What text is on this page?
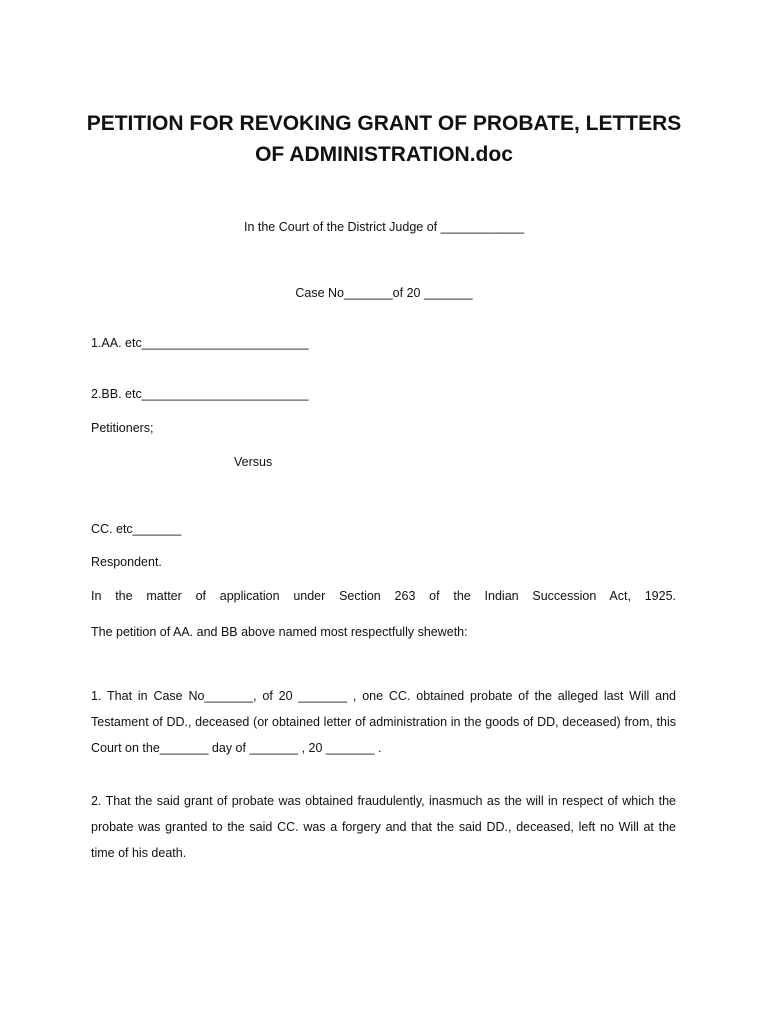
PETITION FOR REVOKING GRANT OF PROBATE, LETTERS
OF ADMINISTRATION.doc
In the Court of the District Judge of ____________
Case No_______of 20 _______
1.AA. etc________________________
2.BB. etc________________________
Petitioners;
Versus
CC. etc_______
Respondent.
In the matter of application under Section 263 of the Indian Succession Act, 1925.
The petition of AA. and BB above named most respectfully sheweth:
1. That in Case No_______, of 20 _______ , one CC. obtained probate of the alleged last Will and Testament of DD., deceased (or obtained letter of administration in the goods of DD, deceased) from, this Court on the_______ day of _______ , 20 _______ .
2. That the said grant of probate was obtained fraudulently, inasmuch as the will in respect of which the probate was granted to the said CC. was a forgery and that the said DD., deceased, left no Will at the time of his death.
